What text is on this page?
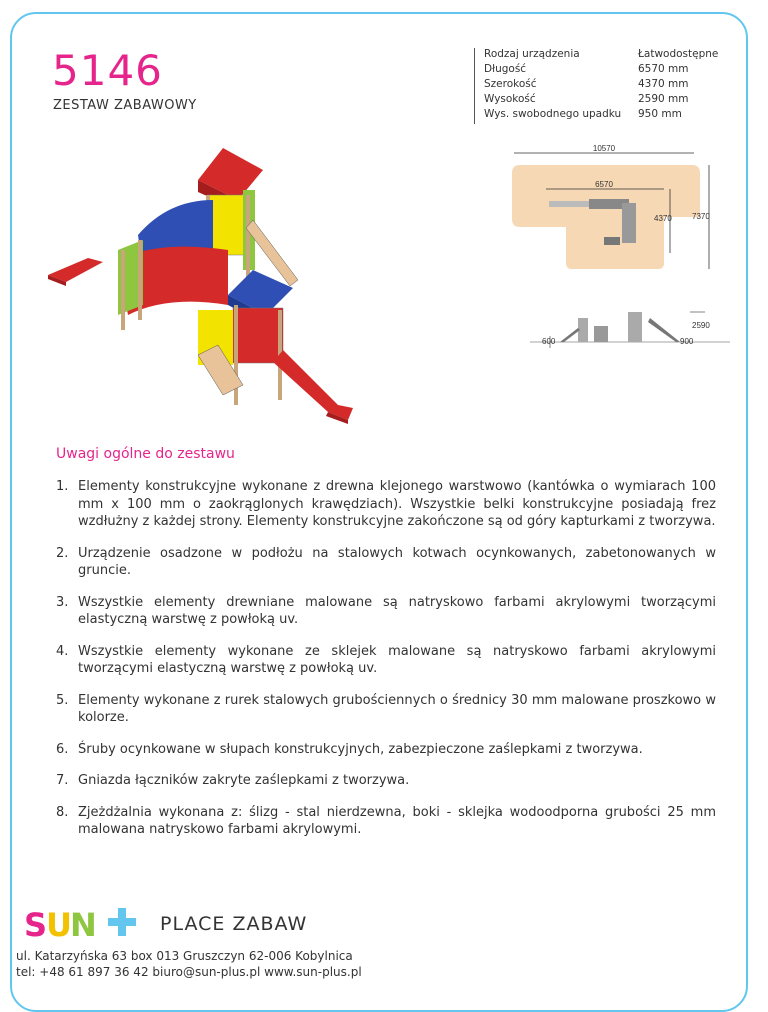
5146
ZESTAW ZABAWOWY
Rodzaj urządzenia	Łatwodostępne
Długość	6570 mm
Szerokość	4370 mm
Wysokość	2590 mm
Wys. swobodnego upadku	950 mm
10570
6570
4370	7370
600
2590
900
Uwagi ogólne do zestawu
1. Elementy konstrukcyjne wykonane z drewna klejonego warstwowo (kantówka o wymiarach 100 mm x 100 mm o zaokrąglonych krawędziach). Wszystkie belki konstrukcyjne posiadają frez wzdłużny z każdej strony. Elementy konstrukcyjne zakończone są od góry kapturkami z tworzywa.
2. Urządzenie osadzone w podłożu na stalowych kotwach ocynkowanych, zabetonowanych w gruncie.
3. Wszystkie elementy drewniane malowane są natryskowo farbami akrylowymi tworzącymi elastyczną warstwę z powłoką uv.
4. Wszystkie elementy wykonane ze sklejek malowane są natryskowo farbami akrylowymi tworzącymi elastyczną warstwę z powłoką uv.
5. Elementy wykonane z rurek stalowych grubościennych o średnicy 30 mm malowane proszkowo w kolorze.
6. Śruby ocynkowane w słupach konstrukcyjnych, zabezpieczone zaślepkami z tworzywa.
7. Gniazda łączników zakryte zaślepkami z tworzywa.
8. Zjeżdżalnia wykonana z: ślizg - stal nierdzewna, boki - sklejka wodoodporna grubości 25 mm malowana natryskowo farbami akrylowymi.
S
U
N	PLACE ZABAW
ul. Katarzyńska 63 box 013 Gruszczyn 62-006 Kobylnica
tel: +48 61 897 36 42 biuro@sun-plus.pl www.sun-plus.pl
